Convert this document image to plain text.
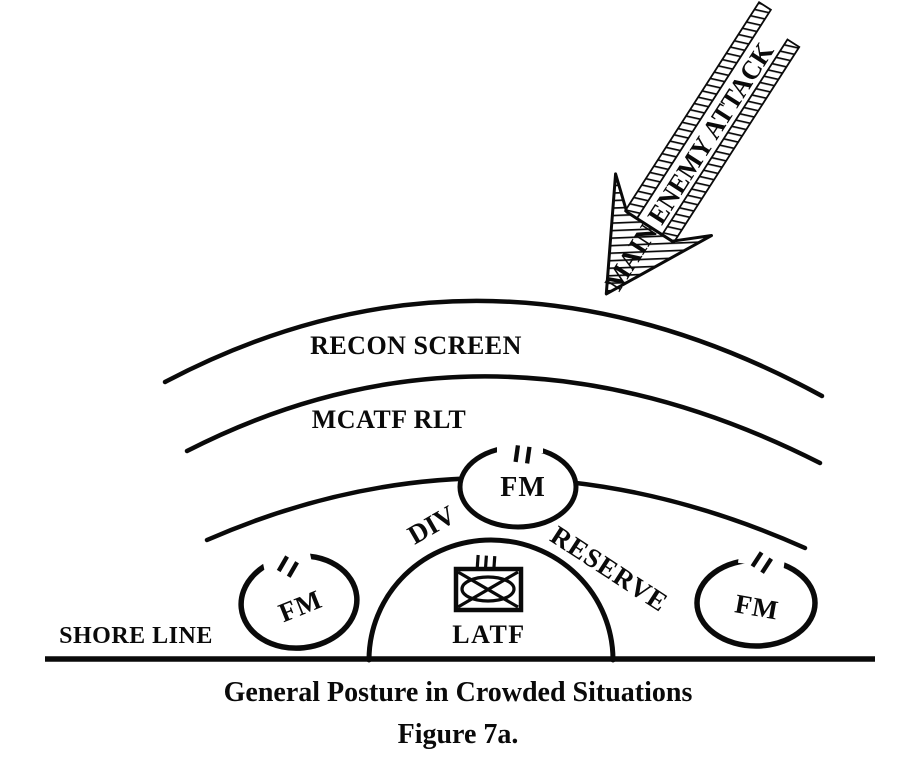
MAIN ENEMY ATTACK
RECON SCREEN
MCATF RLT
II
FM
DIV	RESERVE
II
FM
II
FM
III
LATF
SHORE LINE
General Posture in Crowded Situations
Figure 7a.
